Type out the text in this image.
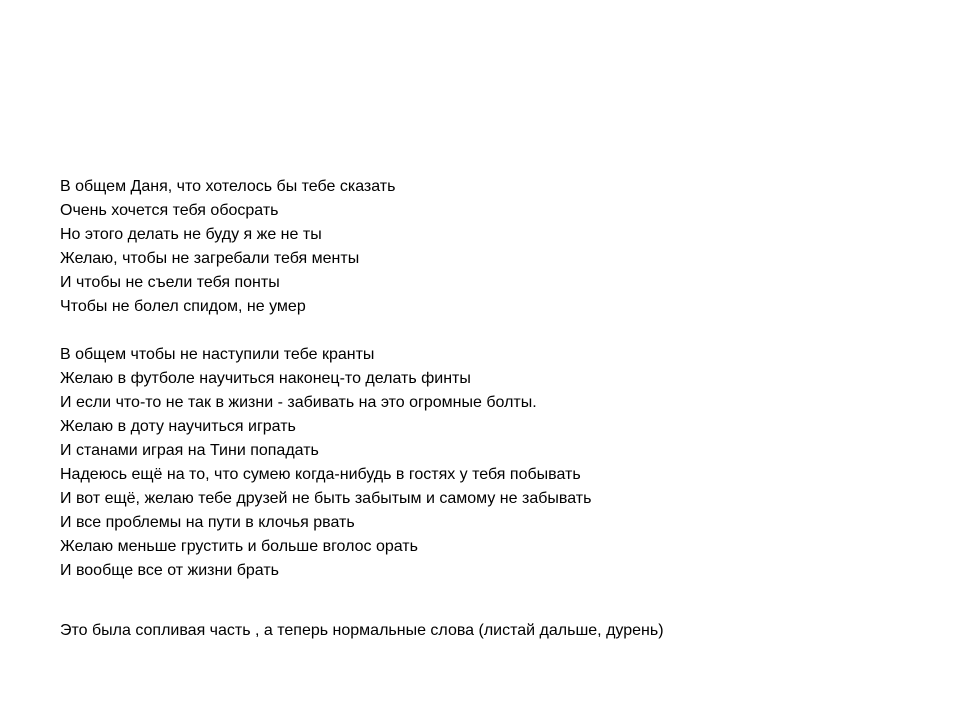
В общем Даня, что хотелось бы тебе сказать
Очень хочется тебя обосрать
Но этого делать не буду я же не ты
Желаю, чтобы не загребали тебя менты
И чтобы не съели тебя понты
Чтобы не болел спидом, не умер
В общем чтобы не наступили тебе кранты
Желаю в футболе научиться наконец-то делать финты
И если что-то не так в жизни - забивать на это огромные болты.
Желаю в доту научиться играть
И станами играя на Тини попадать
Надеюсь ещё на то, что сумею когда-нибудь в гостях у тебя побывать
И вот ещё, желаю тебе друзей не быть забытым и самому не забывать
И все проблемы на пути в клочья рвать
Желаю меньше грустить и больше вголос орать
И вообще все от жизни брать
Это была сопливая часть , а теперь нормальные слова (листай дальше, дурень)
